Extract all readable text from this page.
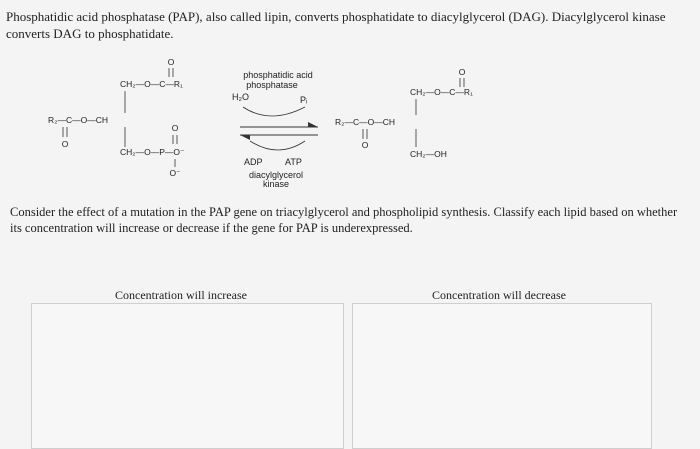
Phosphatidic acid phosphatase (PAP), also called lipin, converts phosphatidate to diacylglycerol (DAG). Diacylglycerol kinase converts DAG to phosphatidate.
O
CH₂—O—C—R₁
R₂—C—O—CH
O
O
CH₂—O—P—O⁻
O⁻
phosphatidic acid
phosphatase
H₂O	Pᵢ
ADP ATP
diacylglycerol
kinase
O
CH₂—O—C—R₁
R₂—C—O—CH
O
CH₂—OH
Consider the effect of a mutation in the PAP gene on triacylglycerol and phospholipid synthesis. Classify each lipid based on whether its concentration will increase or decrease if the gene for PAP is underexpressed.
Concentration will increase	Concentration will decrease
